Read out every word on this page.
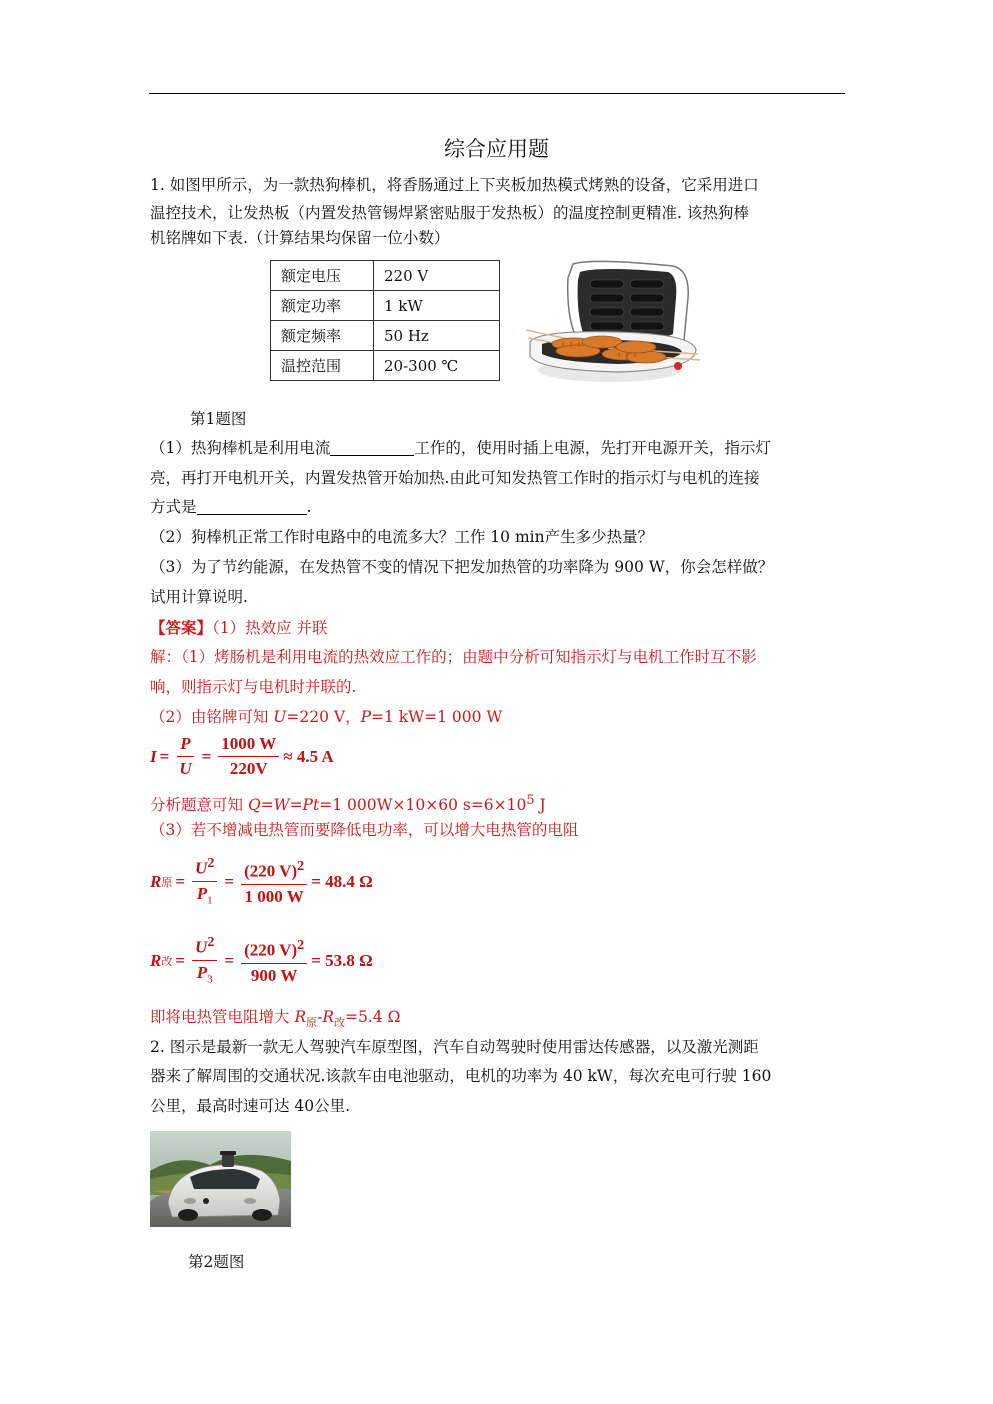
综合应用题
1. 如图甲所示，为一款热狗棒机，将香肠通过上下夹板加热模式烤熟的设备，它采用进口
温控技术，让发热板（内置发热管锡焊紧密贴服于发热板）的温度控制更精准. 该热狗棒
机铭牌如下表.（计算结果均保留一位小数）
额定电压	220 V
额定功率	1 kW
额定频率	50 Hz
温控范围	20-300 ℃
第1题图
（1）热狗棒机是利用电流	工作的，使用时插上电源，先打开电源开关，指示灯
亮，再打开电机开关，内置发热管开始加热.由此可知发热管工作时的指示灯与电机的连接
方式是	.
（2）狗棒机正常工作时电路中的电流多大？工作 10 min产生多少热量？
（3）为了节约能源，在发热管不变的情况下把发加热管的功率降为 900 W，你会怎样做？
试用计算说明.
【答案】（1）热效应 并联
解：（1）烤肠机是利用电流的热效应工作的；由题中分析可知指示灯与电机工作时互不影
响，则指示灯与电机时并联的.
（2）由铭牌可知 U=220 V，P=1 kW=1 000 W
$I = \frac{P}{U} = \frac{1000 W}{220V} \approx 4.5$ A
分析题意可知 Q=W=Pt=1 000W×10×60 $s=6\times 10^5$ J
（3）若不增减电热管而要降低电功率，可以增大电热管的电阻
R 原 = $\frac{U^2}{P_1} = \frac{(220 V)^2}{1 000 W} = 48.4$ Ω
R 改 = $\frac{U^2}{P_3} = \frac{(220 V)^2}{900 W} = 53.8$ Ω
即将电热管电阻增大 $R_原-R_改=5.4$ Ω
2. 图示是最新一款无人驾驶汽车原型图，汽车自动驾驶时使用雷达传感器，以及激光测距
器来了解周围的交通状况.该款车由电池驱动，电机的功率为 40 kW，每次充电可行驶 160
公里，最高时速可达 40公里.
第2题图
